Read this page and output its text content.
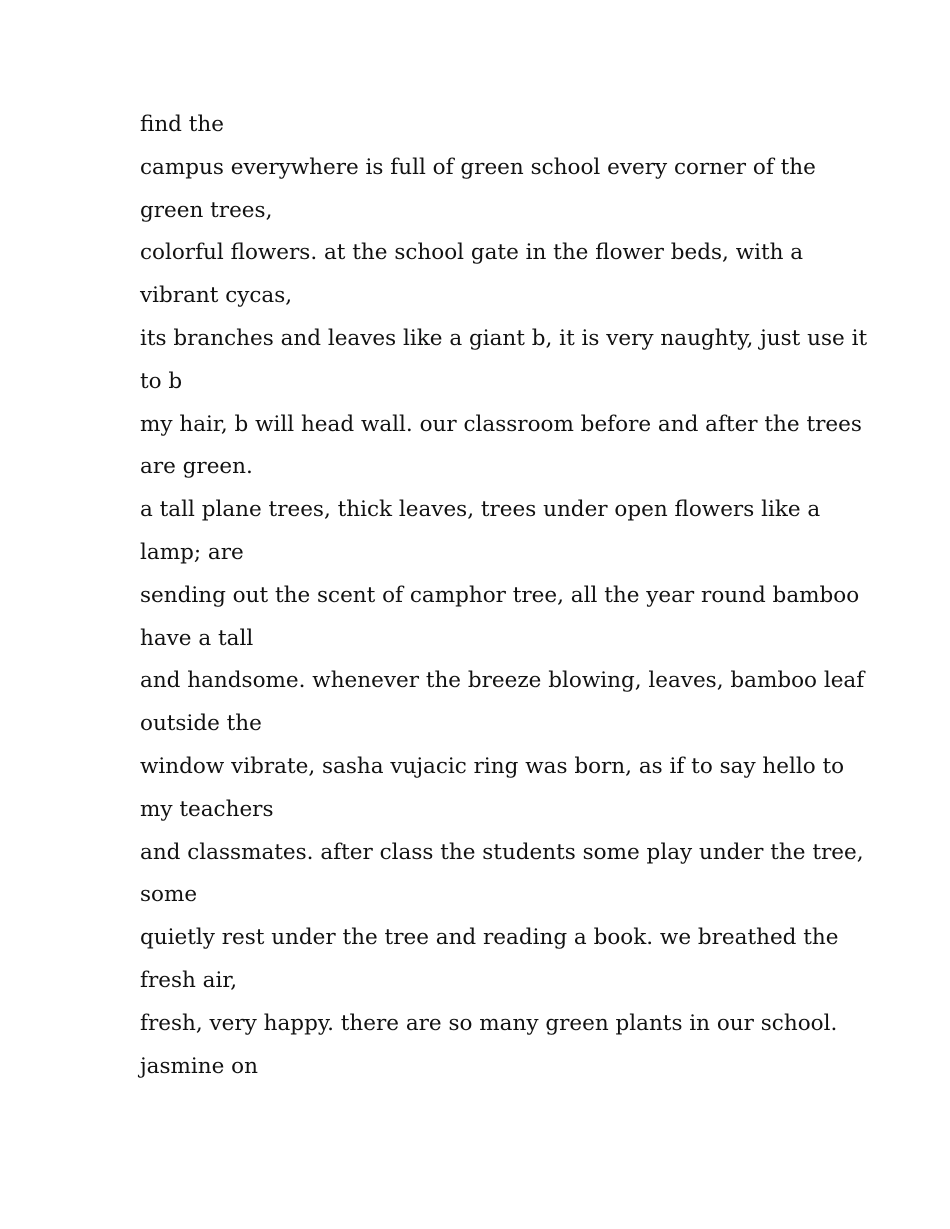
find the
campus everywhere is full of green school every corner of the
green trees,
colorful flowers. at the school gate in the flower beds, with a
vibrant cycas,
its branches and leaves like a giant b, it is very naughty, just use it
to b
my hair, b will head wall. our classroom before and after the trees
are green.
a tall plane trees, thick leaves, trees under open flowers like a
lamp; are
sending out the scent of camphor tree, all the year round bamboo
have a tall
and handsome. whenever the breeze blowing, leaves, bamboo leaf
outside the
window vibrate, sasha vujacic ring was born, as if to say hello to
my teachers
and classmates. after class the students some play under the tree,
some
quietly rest under the tree and reading a book. we breathed the
fresh air,
fresh, very happy. there are so many green plants in our school.
jasmine on
